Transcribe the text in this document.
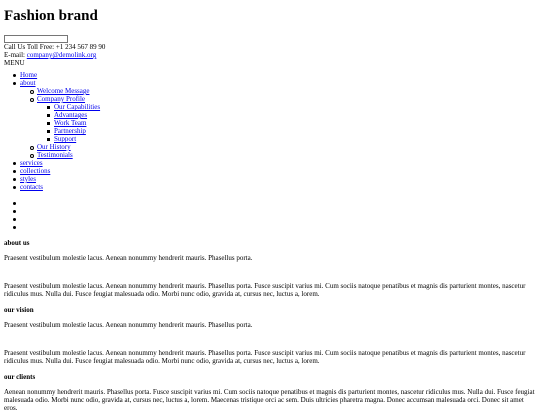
Fashion brand
Call Us Toll Free: +1 234 567 89 90
E-mail: company@demolink.org
MENU
Home
about
Welcome Message
Company Profile
Our Capabilities
Advantages
Work Team
Partnership
Support
Our History
Testimonials
services
collections
styles
contacts
about us

Praesent vestibulum molestie lacus. Aenean nonummy hendrerit mauris. Phasellus porta.

Praesent vestibulum molestie lacus. Aenean nonummy hendrerit mauris. Phasellus porta. Fusce suscipit varius mi. Cum sociis natoque penatibus et magnis dis parturient montes, nascetur ridiculus mus. Nulla dui. Fusce feugiat malesuada odio. Morbi nunc odio, gravida at, cursus nec, luctus a, lorem.

our vision

Praesent vestibulum molestie lacus. Aenean nonummy hendrerit mauris. Phasellus porta.

Praesent vestibulum molestie lacus. Aenean nonummy hendrerit mauris. Phasellus porta. Fusce suscipit varius mi. Cum sociis natoque penatibus et magnis dis parturient montes, nascetur ridiculus mus. Nulla dui. Fusce feugiat malesuada odio. Morbi nunc odio, gravida at, cursus nec, luctus a, lorem.

our clients

Aenean nonummy hendrerit mauris. Phasellus porta. Fusce suscipit varius mi. Cum sociis natoque penatibus et magnis dis parturient montes, nascetur ridiculus mus. Nulla dui. Fusce feugiat malesuada odio. Morbi nunc odio, gravida at, cursus nec, luctus a, lorem. Maecenas tristique orci ac sem. Duis ultricies pharetra magna. Donec accumsan malesuada orci. Donec sit amet eros.
